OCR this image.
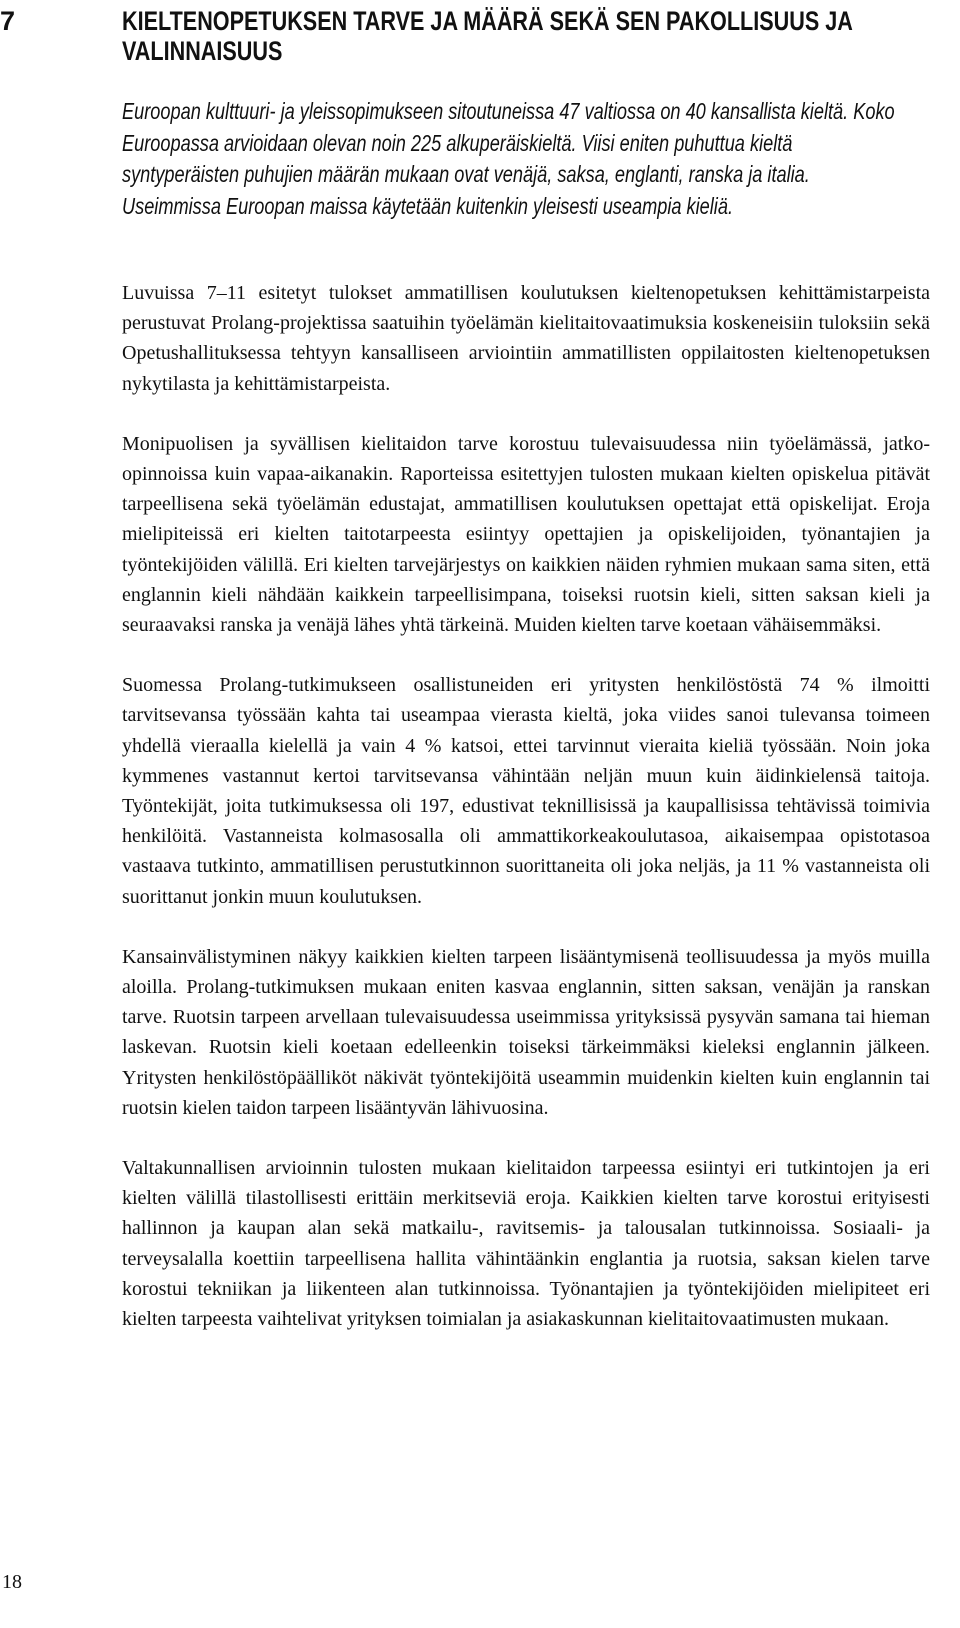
7	KIELTENOPETUKSEN TARVE JA MÄÄRÄ SEKÄ SEN PAKOLLISUUS JA VALINNAISUUS

Euroopan kulttuuri- ja yleissopimukseen sitoutuneissa 47 valtiossa on 40 kansallista kieltä. Koko Euroopassa arvioidaan olevan noin 225 alkuperäiskieltä. Viisi eniten puhuttua kieltä syntyperäisten puhujien määrän mukaan ovat venäjä, saksa, englanti, ranska ja italia. Useimmissa Euroopan maissa käytetään kuitenkin yleisesti useampia kieliä.

Luvuissa 7–11 esitetyt tulokset ammatillisen koulutuksen kieltenopetuksen kehittämistarpeista perustuvat Prolang-projektissa saatuihin työelämän kielitaitovaatimuksia koskeneisiin tuloksiin sekä Opetushallituksessa tehtyyn kansalliseen arviointiin ammatillisten oppilaitosten kieltenopetuksen nykytilasta ja kehittämistarpeista.

Monipuolisen ja syvällisen kielitaidon tarve korostuu tulevaisuudessa niin työelämässä, jatko- opinnoissa kuin vapaa-aikanakin. Raporteissa esitettyjen tulosten mukaan kielten opiskelua pitävät tarpeellisena sekä työelämän edustajat, ammatillisen koulutuksen opettajat että opiskelijat. Eroja mielipiteissä eri kielten taitotarpeesta esiintyy opettajien ja opiskelijoiden, työnantajien ja työntekijöiden välillä. Eri kielten tarvejärjestys on kaikkien näiden ryhmien mukaan sama siten, että englannin kieli nähdään kaikkein tarpeellisimpana, toiseksi ruotsin kieli, sitten saksan kieli ja seuraavaksi ranska ja venäjä lähes yhtä tärkeinä. Muiden kielten tarve koetaan vähäisemmäksi.

Suomessa Prolang-tutkimukseen osallistuneiden eri yritysten henkilöstöstä 74 % ilmoitti tarvitsevansa työssään kahta tai useampaa vierasta kieltä, joka viides sanoi tulevansa toimeen yhdellä vieraalla kielellä ja vain 4 % katsoi, ettei tarvinnut vieraita kieliä työssään. Noin joka kymmenes vastannut kertoi tarvitsevansa vähintään neljän muun kuin äidinkielensä taitoja. Työntekijät, joita tutkimuksessa oli 197, edustivat teknillisissä ja kaupallisissa tehtävissä toimivia henkilöitä. Vastanneista kolmasosalla oli ammattikorkeakoulutasoa, aikaisempaa opistotasoa vastaava tutkinto, ammatillisen perustutkinnon suorittaneita oli joka neljäs, ja 11 % vastanneista oli suorittanut jonkin muun koulutuksen.

Kansainvälistyminen näkyy kaikkien kielten tarpeen lisääntymisenä teollisuudessa ja myös muilla aloilla. Prolang-tutkimuksen mukaan eniten kasvaa englannin, sitten saksan, venäjän ja ranskan tarve. Ruotsin tarpeen arvellaan tulevaisuudessa useimmissa yrityksissä pysyvän samana tai hieman laskevan. Ruotsin kieli koetaan edelleenkin toiseksi tärkeimmäksi kieleksi englannin jälkeen. Yritysten henkilöstöpäälliköt näkivät työntekijöitä useammin muidenkin kielten kuin englannin tai ruotsin kielen taidon tarpeen lisääntyvän lähivuosina.

Valtakunnallisen arvioinnin tulosten mukaan kielitaidon tarpeessa esiintyi eri tutkintojen ja eri kielten välillä tilastollisesti erittäin merkitseviä eroja. Kaikkien kielten tarve korostui erityisesti hallinnon ja kaupan alan sekä matkailu-, ravitsemis- ja talousalan tutkinnoissa. Sosiaali- ja terveysalalla koettiin tarpeellisena hallita vähintäänkin englantia ja ruotsia, saksan kielen tarve korostui tekniikan ja liikenteen alan tutkinnoissa. Työnantajien ja työntekijöiden mielipiteet eri kielten tarpeesta vaihtelivat yrityksen toimialan ja asiakaskunnan kielitaitovaatimusten mukaan.

18
